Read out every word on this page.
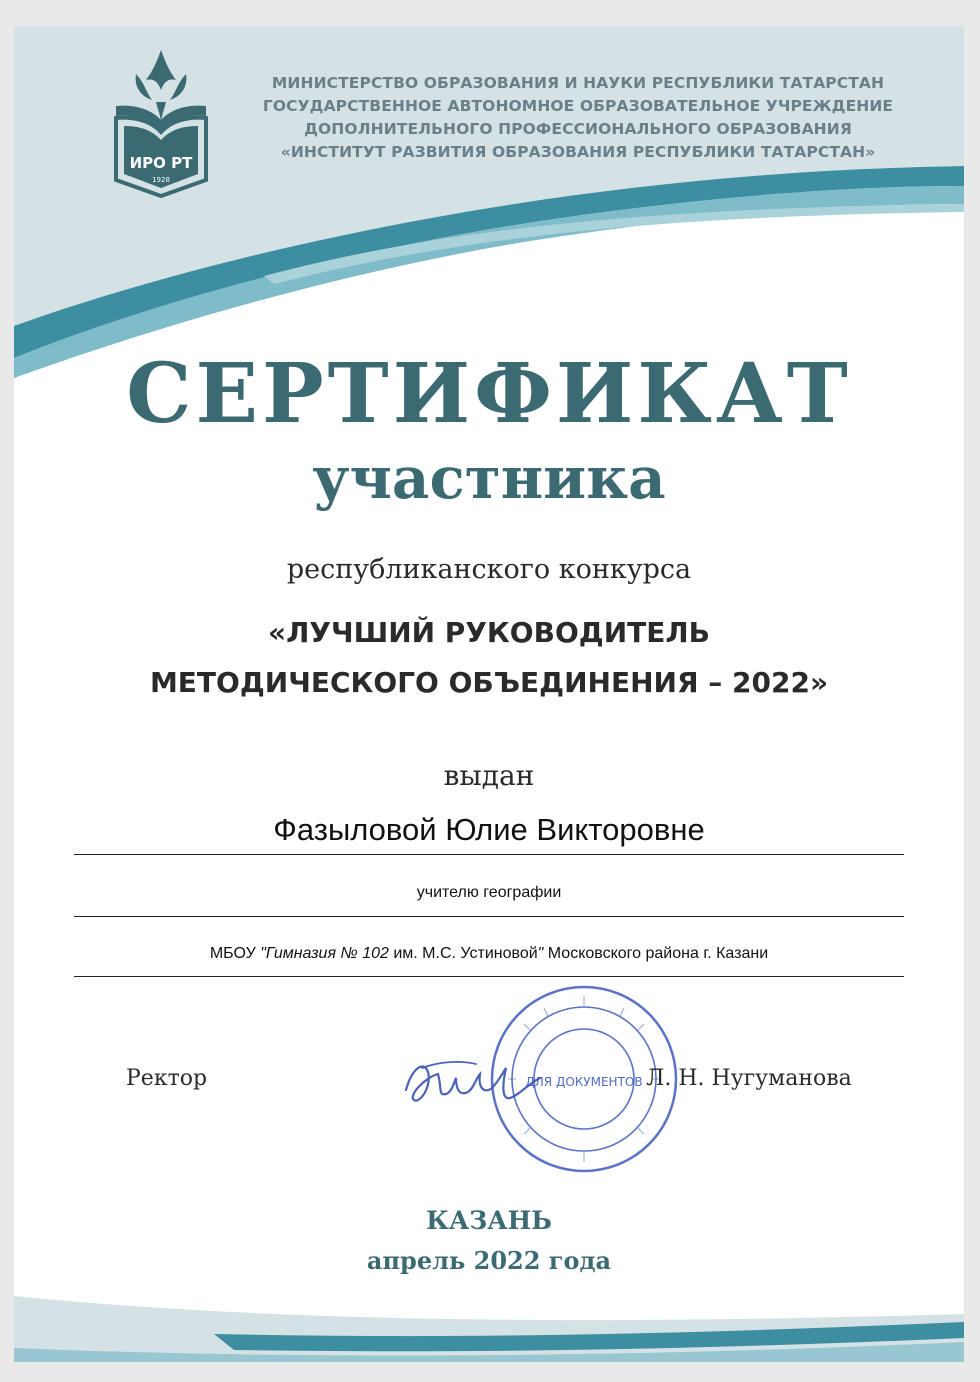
ИРО РТ
1928
МИНИСТЕРСТВО ОБРАЗОВАНИЯ И НАУКИ РЕСПУБЛИКИ ТАТАРСТАН
ГОСУДАРСТВЕННОЕ АВТОНОМНОЕ ОБРАЗОВАТЕЛЬНОЕ УЧРЕЖДЕНИЕ
ДОПОЛНИТЕЛЬНОГО ПРОФЕССИОНАЛЬНОГО ОБРАЗОВАНИЯ
«ИНСТИТУТ РАЗВИТИЯ ОБРАЗОВАНИЯ РЕСПУБЛИКИ ТАТАРСТАН»
СЕРТИФИКАТ
участника
республиканского конкурса
«ЛУЧШИЙ РУКОВОДИТЕЛЬ
МЕТОДИЧЕСКОГО ОБЪЕДИНЕНИЯ – 2022»
выдан
Фазыловой Юлие Викторовне
учителю географии
МБОУ "Гимназия № 102 им. М.С. Устиновой" Московского района г. Казани
Ректор
	ДЛЯ ДОКУМЕНТОВ Л. Н. Нугуманова
КАЗАНЬ
апрель 2022 года
